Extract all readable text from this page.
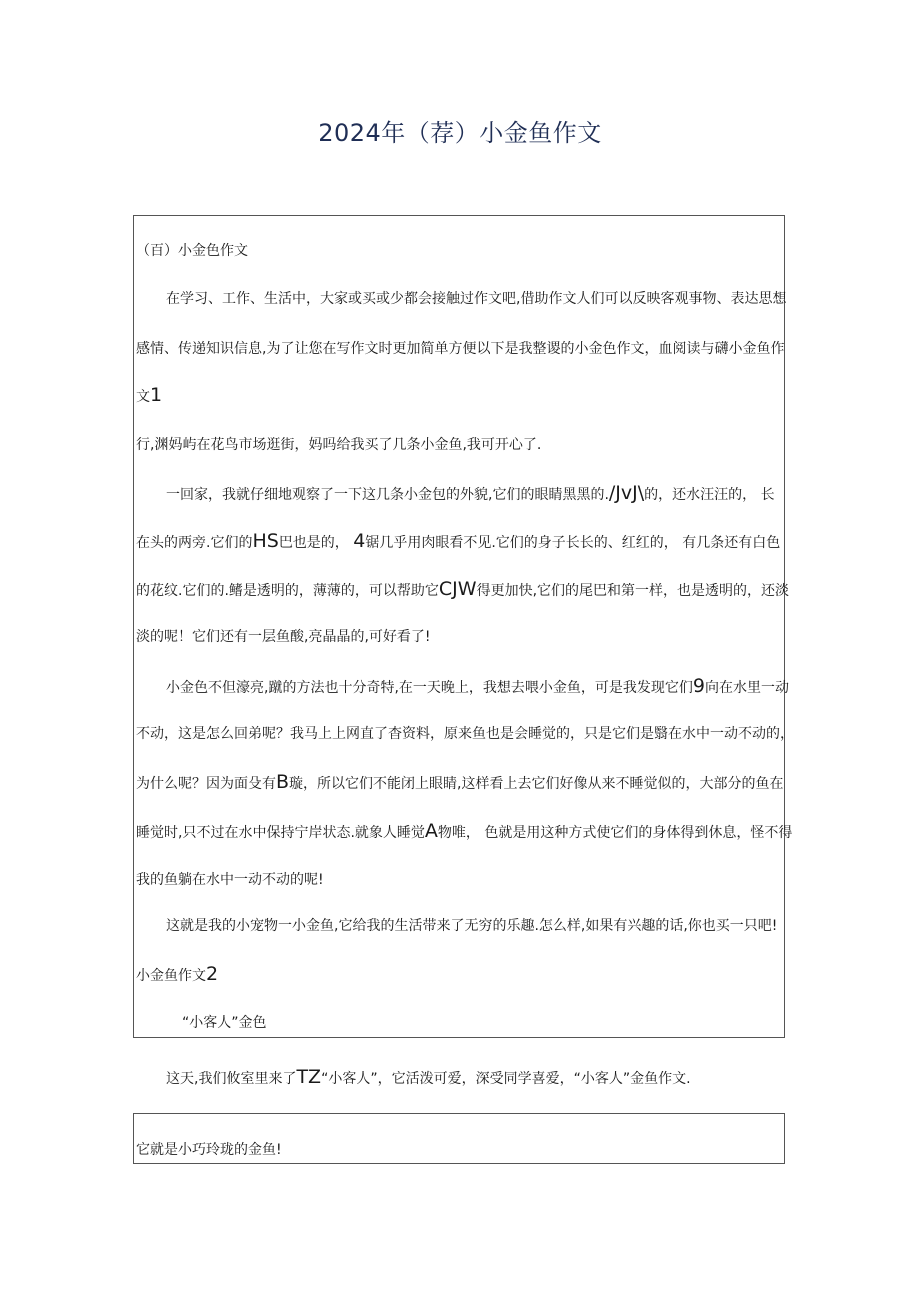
2024年（荐）小金鱼作文
（百）小金色作文
在学习、工作、生活中，大家或买或少都会接触过作文吧,借助作文人们可以反映客观事物、表达思想
感情、传递知识信息,为了让您在写作文时更加简单方便以下是我整谡的小金色作文，血阅读与礴小金鱼作
文1
行,渊妈屿在花鸟市场逛街，妈吗给我买了几条小金鱼,我可开心了.
一回家，我就仔细地观察了一下这几条小金包的外貌,它们的眼睛黑黑的./JvJ\的，还水汪汪的， 长
在头的两旁.它们的HS巴也是的， 4锯几乎用肉眼看不见.它们的身子长长的、红红的， 有几条还有白色
的花纹.它们的.鳍是透明的，薄薄的，可以帮助它CJW得更加快,它们的尾巴和第一样，也是透明的，还淡
淡的呢！它们还有一层鱼酸,亮晶晶的,可好看了!
小金色不但濠亮,蹴的方法也十分奇特,在一天晚上，我想去喂小金鱼，可是我发现它们9向在水里一动
不动，这是怎么回弟呢？我马上上网直了杳资料，原来鱼也是会睡觉的，只是它们是翳在水中一动不动的，
为什么呢？因为面殳有B璇，所以它们不能闭上眼睛,这样看上去它们好像从来不睡觉似的，大部分的鱼在
睡觉时,只不过在水中保持宁岸状态.就象人睡觉A物唯， 色就是用这种方式使它们的身体得到休息，怪不得
我的鱼躺在水中一动不动的呢!
这就是我的小宠物一小金鱼,它给我的生活带来了无穷的乐趣.怎么样,如果有兴趣的话,你也买一只吧!
小金鱼作文2
“小客人”金色
这天,我们攸室里来了TZ“小客人”，它活泼可爱，深受同学喜爱，“小客人”金鱼作文.
它就是小巧玲珑的金鱼!
